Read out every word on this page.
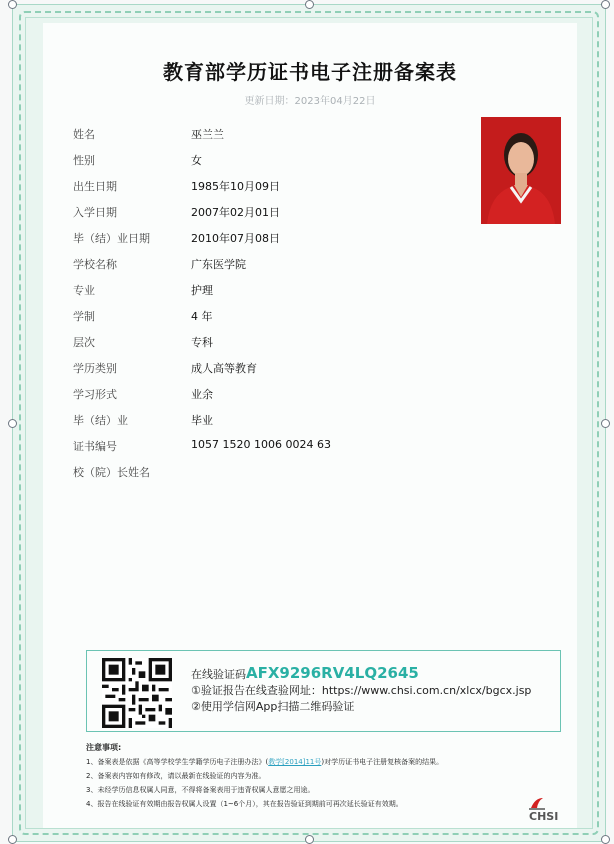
教育部学历证书电子注册备案表
更新日期：2023年04月22日
姓名	巫兰兰
性别	女
出生日期	1985年10月09日
入学日期	2007年02月01日
毕（结）业日期	2010年07月08日
学校名称	广东医学院
专业	护理
学制	4 年
层次	专科
学历类别	成人高等教育
学习形式	业余
毕（结）业	毕业
证书编号	1057 1520 1006 0024 63
校（院）长姓名
在线验证码AFX9296RV4LQ2645
①验证报告在线查验网址：https://www.chsi.com.cn/xlcx/bgcx.jsp
②使用学信网App扫描二维码验证
注意事项:
1、备案表是依据《高等学校学生学籍学历电子注册办法》(教学[2014]11号)对学历证书电子注册复核备案的结果。
2、备案表内容如有修改，请以最新在线验证的内容为准。
3、未经学历信息权属人同意，不得将备案表用于违背权属人意愿之用途。
4、报告在线验证有效期由报告权属人设置（1~6个月），其在报告验证到期前可再次延长验证有效期。
CHSI
